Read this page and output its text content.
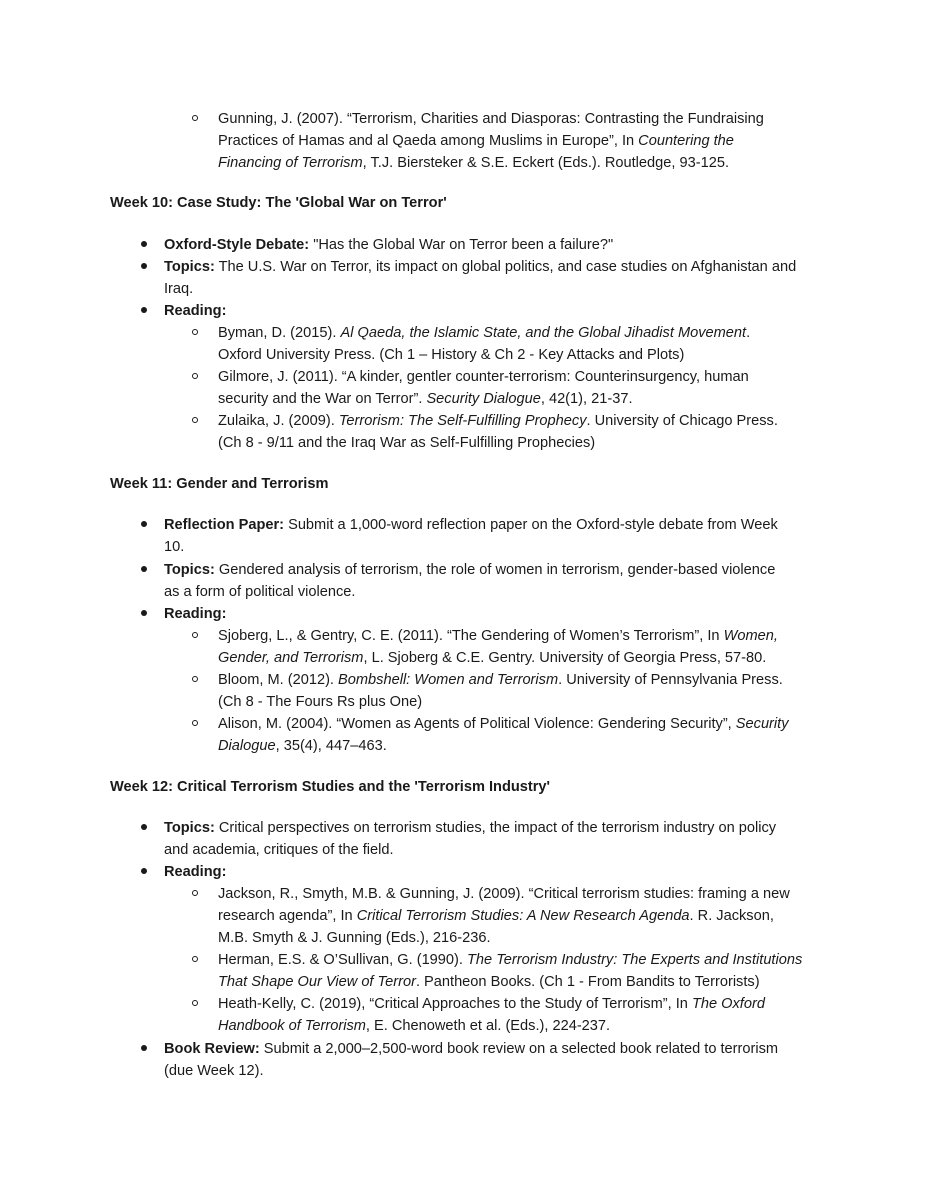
Gunning, J. (2007). “Terrorism, Charities and Diasporas: Contrasting the Fundraising
Practices of Hamas and al Qaeda among Muslims in Europe”, In Countering the
Financing of Terrorism, T.J. Biersteker & S.E. Eckert (Eds.). Routledge, 93-125.
Week 10: Case Study: The 'Global War on Terror'
Oxford-Style Debate: "Has the Global War on Terror been a failure?"
Topics: The U.S. War on Terror, its impact on global politics, and case studies on Afghanistan and
Iraq.
Reading:
Byman, D. (2015). Al Qaeda, the Islamic State, and the Global Jihadist Movement.
Oxford University Press. (Ch 1 – History & Ch 2 - Key Attacks and Plots)
Gilmore, J. (2011). “A kinder, gentler counter-terrorism: Counterinsurgency, human
security and the War on Terror”. Security Dialogue, 42(1), 21-37.
Zulaika, J. (2009). Terrorism: The Self-Fulfilling Prophecy. University of Chicago Press.
(Ch 8 - 9/11 and the Iraq War as Self-Fulfilling Prophecies)
Week 11: Gender and Terrorism
Reflection Paper: Submit a 1,000-word reflection paper on the Oxford-style debate from Week
10.
Topics: Gendered analysis of terrorism, the role of women in terrorism, gender-based violence
as a form of political violence.
Reading:
Sjoberg, L., & Gentry, C. E. (2011). “The Gendering of Women’s Terrorism”, In Women,
Gender, and Terrorism, L. Sjoberg & C.E. Gentry. University of Georgia Press, 57-80.
Bloom, M. (2012). Bombshell: Women and Terrorism. University of Pennsylvania Press.
(Ch 8 - The Fours Rs plus One)
Alison, M. (2004). “Women as Agents of Political Violence: Gendering Security”, Security
Dialogue, 35(4), 447–463.
Week 12: Critical Terrorism Studies and the 'Terrorism Industry'
Topics: Critical perspectives on terrorism studies, the impact of the terrorism industry on policy
and academia, critiques of the field.
Reading:
Jackson, R., Smyth, M.B. & Gunning, J. (2009). “Critical terrorism studies: framing a new
research agenda”, In Critical Terrorism Studies: A New Research Agenda. R. Jackson,
M.B. Smyth & J. Gunning (Eds.), 216-236.
Herman, E.S. & O’Sullivan, G. (1990). The Terrorism Industry: The Experts and Institutions
That Shape Our View of Terror. Pantheon Books. (Ch 1 - From Bandits to Terrorists)
Heath-Kelly, C. (2019), “Critical Approaches to the Study of Terrorism”, In The Oxford
Handbook of Terrorism, E. Chenoweth et al. (Eds.), 224-237.
Book Review: Submit a 2,000–2,500-word book review on a selected book related to terrorism
(due Week 12).
